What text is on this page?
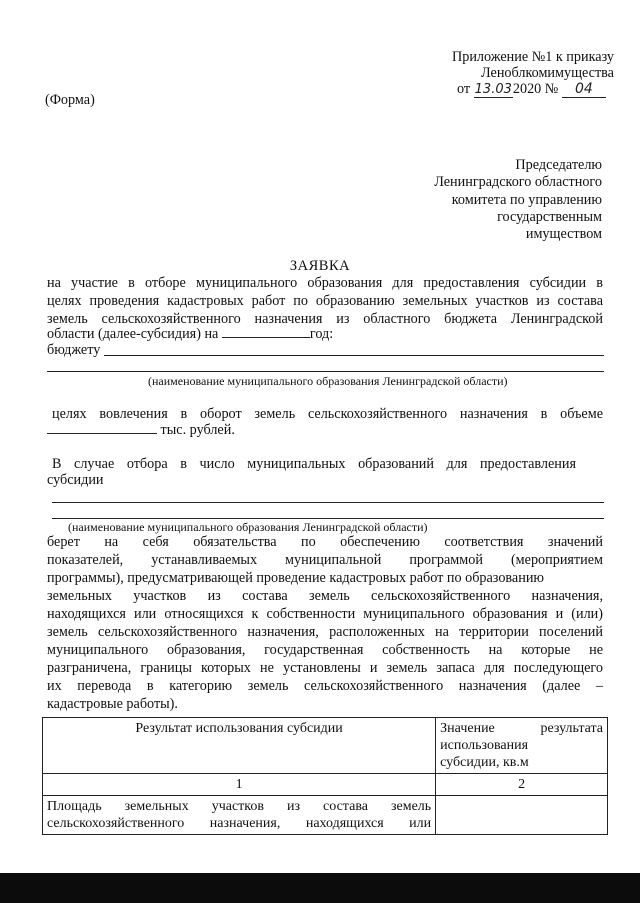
Приложение №1 к приказу
Леноблкомимущества
от 13.032020 № 04
(Форма)
Председателю
Ленинградского областного
комитета по управлению
государственным
имуществом
ЗАЯВКА
на участие в отборе муниципального образования для предоставления субсидии в
целях проведения кадастровых работ по образованию земельных участков из состава
земель сельскохозяйственного назначения из областного бюджета Ленинградской
области (далее-субсидия) на	год:
бюджету
(наименование муниципального образования Ленинградской области)
целях вовлечения в оборот земель сельскохозяйственного назначения в объеме
тыс. рублей.
В случае отбора в число муниципальных образований для предоставления
субсидии
(наименование муниципального образования Ленинградской области)
берет на себя обязательства по обеспечению соответствия значений
показателей, устанавливаемых муниципальной программой (мероприятием
программы), предусматривающей проведение кадастровых работ по образованию
земельных участков из состава земель сельскохозяйственного назначения,
находящихся или относящихся к собственности муниципального образования и (или)
земель сельскохозяйственного назначения, расположенных на территории поселений
муниципального образования, государственная собственность на которые не
разграничена, границы которых не установлены и земель запаса для последующего
их перевода в категорию земель сельскохозяйственного назначения (далее –
кадастровые работы).
Результат использования субсидии	Значение результата
использования
субсидии, кв.м

1	2

Площадь земельных участков из состава земель
сельскохозяйственного назначения, находящихся или	
